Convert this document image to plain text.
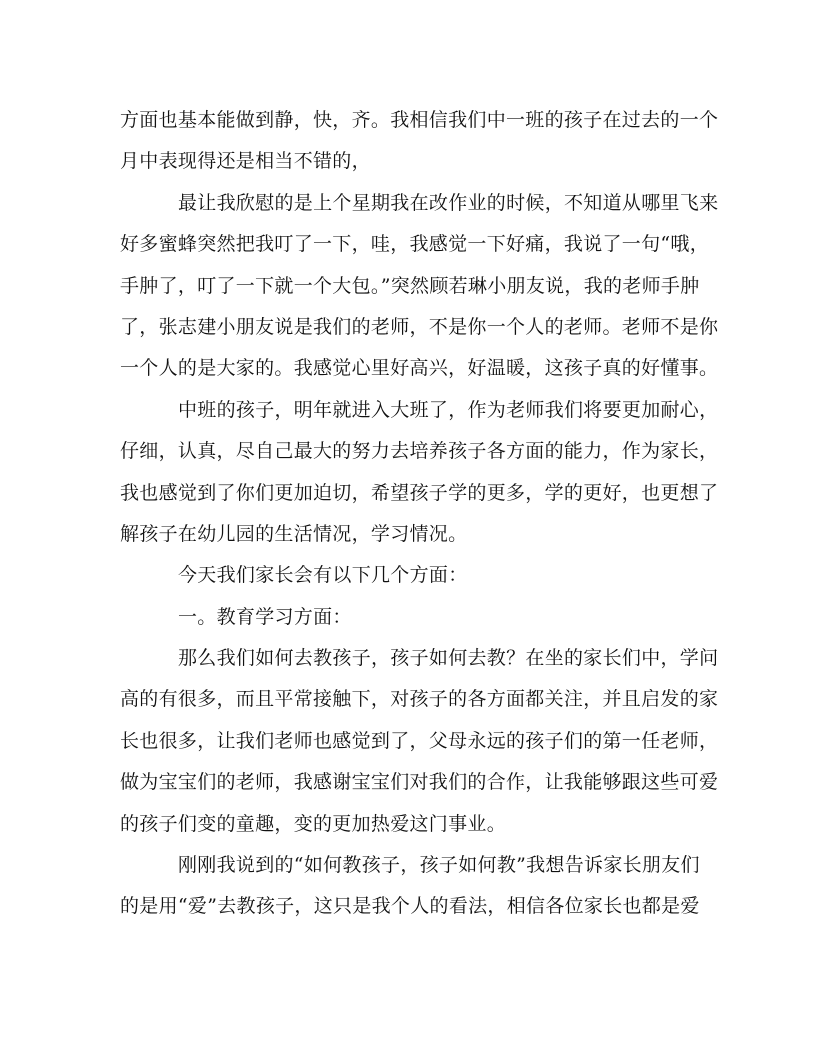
方面也基本能做到静，快，齐。我相信我们中一班的孩子在过去的一个
月中表现得还是相当不错的，
最让我欣慰的是上个星期我在改作业的时候，不知道从哪里飞来
好多蜜蜂突然把我叮了一下，哇，我感觉一下好痛，我说了一句“哦，
手肿了，叮了一下就一个大包。”突然顾若琳小朋友说，我的老师手肿
了，张志建小朋友说是我们的老师，不是你一个人的老师。老师不是你
一个人的是大家的。我感觉心里好高兴，好温暖，这孩子真的好懂事。
中班的孩子，明年就进入大班了，作为老师我们将要更加耐心，
仔细，认真，尽自己最大的努力去培养孩子各方面的能力，作为家长，
我也感觉到了你们更加迫切，希望孩子学的更多，学的更好，也更想了
解孩子在幼儿园的生活情况，学习情况。
今天我们家长会有以下几个方面：
一。教育学习方面：
那么我们如何去教孩子，孩子如何去教？在坐的家长们中，学问
高的有很多，而且平常接触下，对孩子的各方面都关注，并且启发的家
长也很多，让我们老师也感觉到了，父母永远的孩子们的第一任老师，
做为宝宝们的老师，我感谢宝宝们对我们的合作，让我能够跟这些可爱
的孩子们变的童趣，变的更加热爱这门事业。
刚刚我说到的“如何教孩子，孩子如何教”我想告诉家长朋友们
的是用“爱”去教孩子，这只是我个人的看法，相信各位家长也都是爱
